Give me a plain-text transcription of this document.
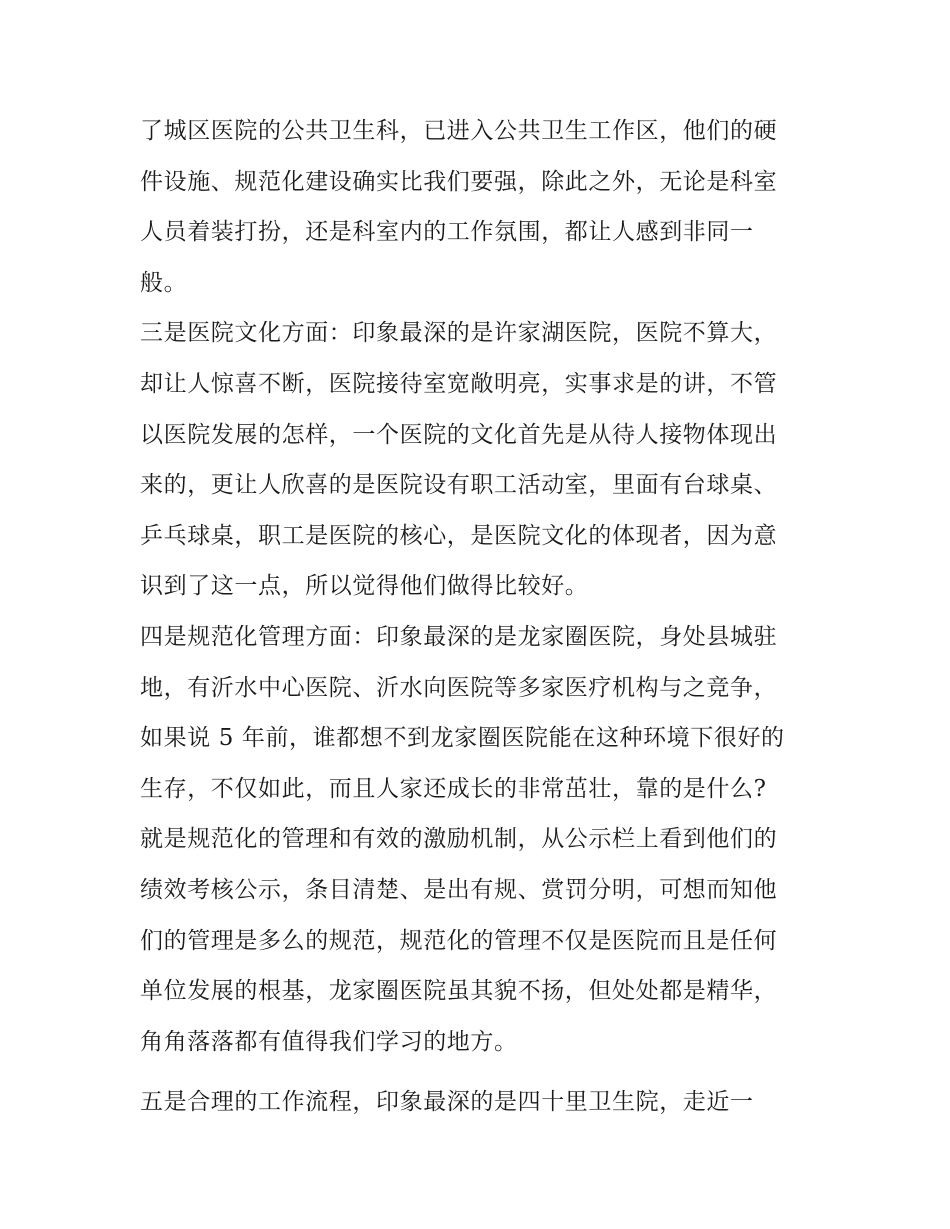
了城区医院的公共卫生科，已进入公共卫生工作区，他们的硬

件设施、规范化建设确实比我们要强，除此之外，无论是科室

人员着装打扮，还是科室内的工作氛围，都让人感到非同一

般。

三是医院文化方面：印象最深的是许家湖医院，医院不算大，

却让人惊喜不断，医院接待室宽敞明亮，实事求是的讲，不管

以医院发展的怎样，一个医院的文化首先是从待人接物体现出

来的，更让人欣喜的是医院设有职工活动室，里面有台球桌、

乒乓球桌，职工是医院的核心，是医院文化的体现者，因为意

识到了这一点，所以觉得他们做得比较好。

四是规范化管理方面：印象最深的是龙家圈医院，身处县城驻

地，有沂水中心医院、沂水向医院等多家医疗机构与之竞争，

如果说 5 年前，谁都想不到龙家圈医院能在这种环境下很好的

生存，不仅如此，而且人家还成长的非常茁壮，靠的是什么?

就是规范化的管理和有效的激励机制，从公示栏上看到他们的

绩效考核公示，条目清楚、是出有规、赏罚分明，可想而知他

们的管理是多么的规范，规范化的管理不仅是医院而且是任何

单位发展的根基，龙家圈医院虽其貌不扬，但处处都是精华，

角角落落都有值得我们学习的地方。

五是合理的工作流程，印象最深的是四十里卫生院，走近一
